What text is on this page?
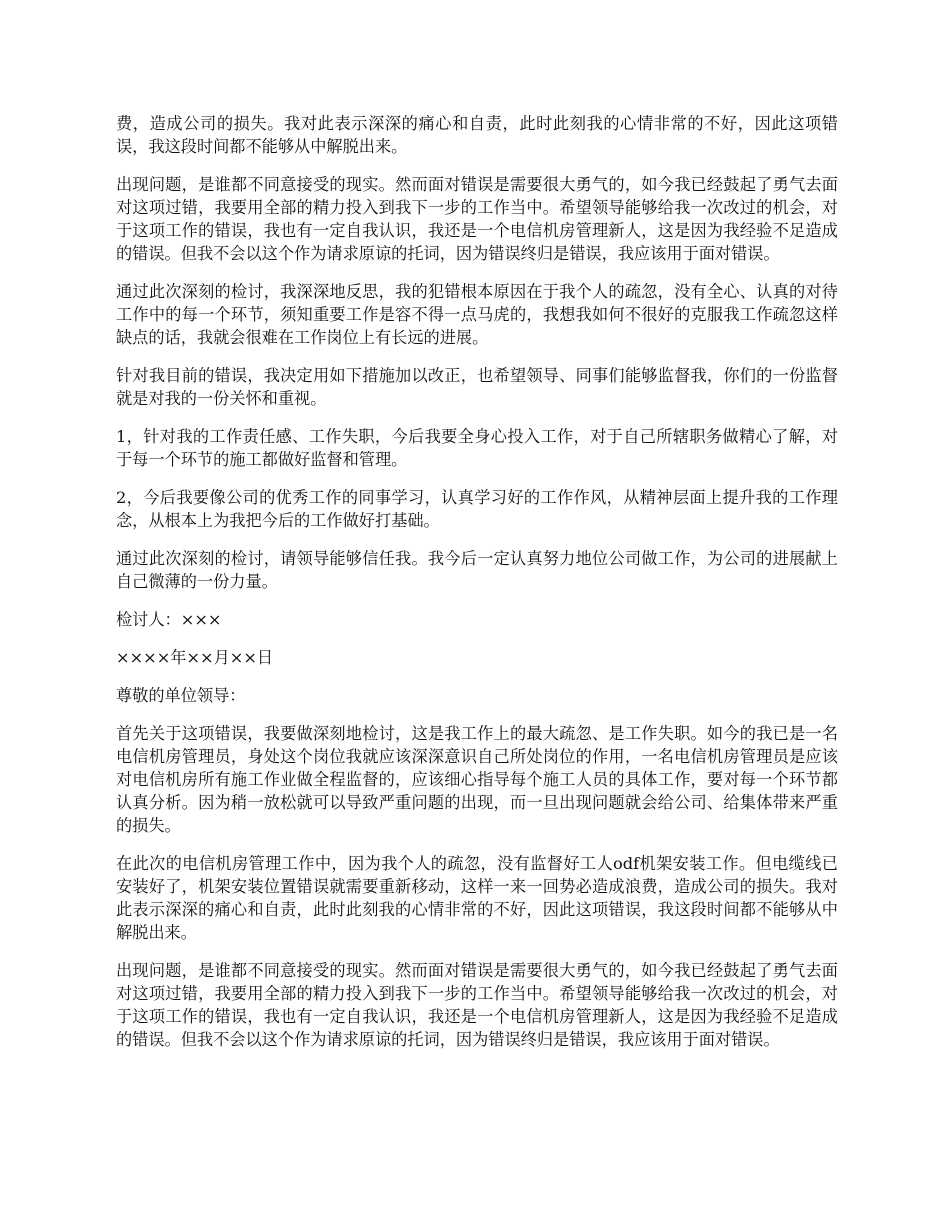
费，造成公司的损失。我对此表示深深的痛心和自责，此时此刻我的心情非常的不好，因此这项错误，我这段时间都不能够从中解脱出来。

出现问题，是谁都不同意接受的现实。然而面对错误是需要很大勇气的，如今我已经鼓起了勇气去面对这项过错，我要用全部的精力投入到我下一步的工作当中。希望领导能够给我一次改过的机会，对于这项工作的错误，我也有一定自我认识，我还是一个电信机房管理新人，这是因为我经验不足造成的错误。但我不会以这个作为请求原谅的托词，因为错误终归是错误，我应该用于面对错误。

通过此次深刻的检讨，我深深地反思，我的犯错根本原因在于我个人的疏忽，没有全心、认真的对待工作中的每一个环节，须知重要工作是容不得一点马虎的，我想我如何不很好的克服我工作疏忽这样缺点的话，我就会很难在工作岗位上有长远的进展。

针对我目前的错误，我决定用如下措施加以改正，也希望领导、同事们能够监督我，你们的一份监督就是对我的一份关怀和重视。

1，针对我的工作责任感、工作失职，今后我要全身心投入工作，对于自己所辖职务做精心了解，对于每一个环节的施工都做好监督和管理。

2，今后我要像公司的优秀工作的同事学习，认真学习好的工作作风，从精神层面上提升我的工作理念，从根本上为我把今后的工作做好打基础。

通过此次深刻的检讨，请领导能够信任我。我今后一定认真努力地位公司做工作，为公司的进展献上自己微薄的一份力量。

检讨人：×××

××××年××月××日

尊敬的单位领导：

首先关于这项错误，我要做深刻地检讨，这是我工作上的最大疏忽、是工作失职。如今的我已是一名电信机房管理员，身处这个岗位我就应该深深意识自己所处岗位的作用，一名电信机房管理员是应该对电信机房所有施工作业做全程监督的，应该细心指导每个施工人员的具体工作，要对每一个环节都认真分析。因为稍一放松就可以导致严重问题的出现，而一旦出现问题就会给公司、给集体带来严重的损失。

在此次的电信机房管理工作中，因为我个人的疏忽，没有监督好工人odf机架安装工作。但电缆线已安装好了，机架安装位置错误就需要重新移动，这样一来一回势必造成浪费，造成公司的损失。我对此表示深深的痛心和自责，此时此刻我的心情非常的不好，因此这项错误，我这段时间都不能够从中解脱出来。

出现问题，是谁都不同意接受的现实。然而面对错误是需要很大勇气的，如今我已经鼓起了勇气去面对这项过错，我要用全部的精力投入到我下一步的工作当中。希望领导能够给我一次改过的机会，对于这项工作的错误，我也有一定自我认识，我还是一个电信机房管理新人，这是因为我经验不足造成的错误。但我不会以这个作为请求原谅的托词，因为错误终归是错误，我应该用于面对错误。
